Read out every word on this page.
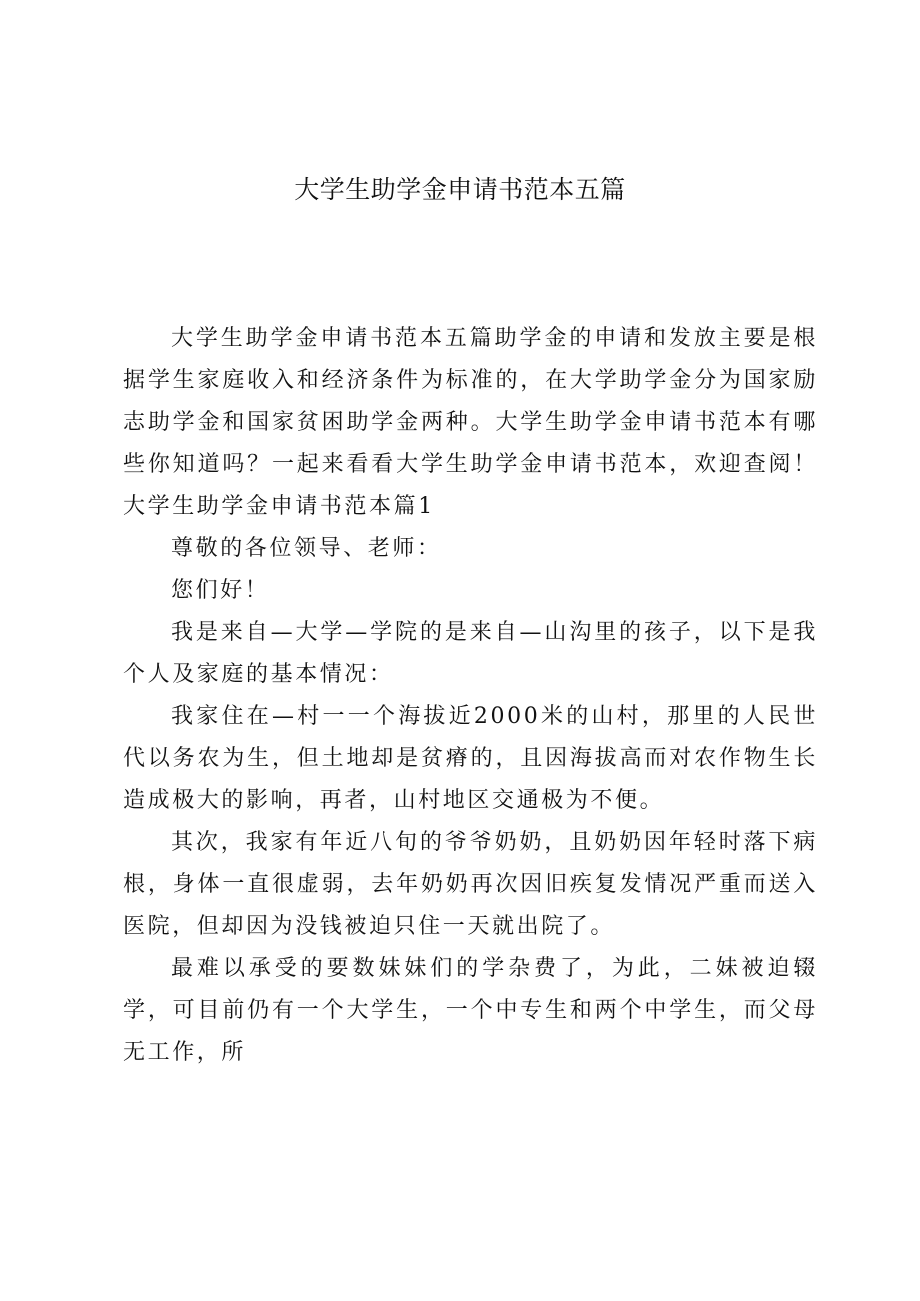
大学生助学金申请书范本五篇

大学生助学金申请书范本五篇助学金的申请和发放主要是根据学生家庭收入和经济条件为标准的，在大学助学金分为国家励志助学金和国家贫困助学金两种。大学生助学金申请书范本有哪些你知道吗？一起来看看大学生助学金申请书范本，欢迎查阅！大学生助学金申请书范本篇1

尊敬的各位领导、老师：

您们好！

我是来自—大学—学院的是来自—山沟里的孩子，以下是我个人及家庭的基本情况：

我家住在—村一一个海拔近2000米的山村，那里的人民世代以务农为生，但土地却是贫瘠的，且因海拔高而对农作物生长造成极大的影响，再者，山村地区交通极为不便。

其次，我家有年近八旬的爷爷奶奶，且奶奶因年轻时落下病根，身体一直很虚弱，去年奶奶再次因旧疾复发情况严重而送入医院，但却因为没钱被迫只住一天就出院了。

最难以承受的要数妹妹们的学杂费了，为此，二妹被迫辍学，可目前仍有一个大学生，一个中专生和两个中学生，而父母无工作，所
